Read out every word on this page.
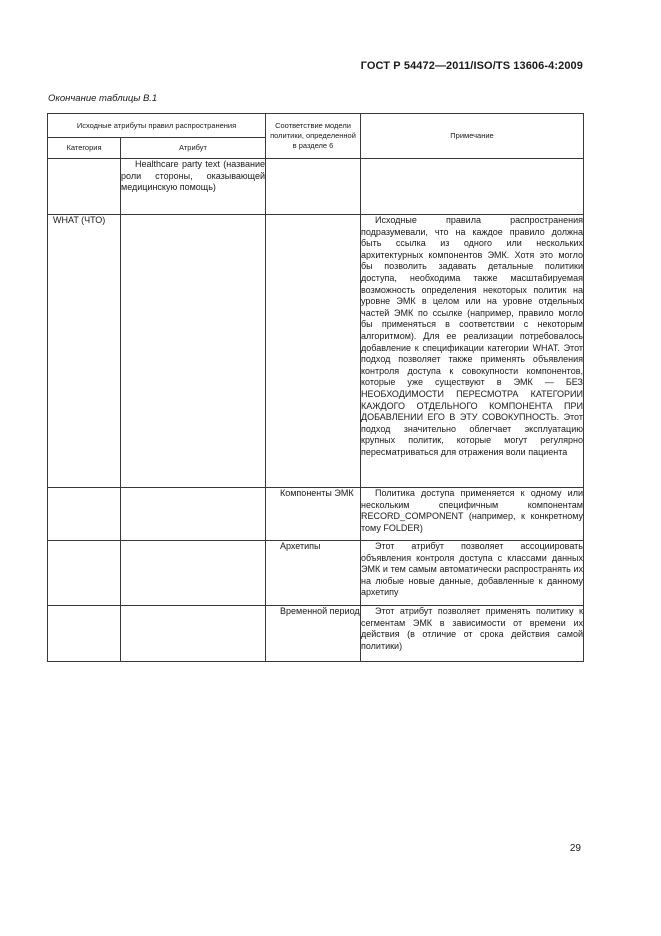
ГОСТ Р 54472—2011/ISO/TS 13606-4:2009
Окончание таблицы В.1
Исходные атрибуты правил распространения		Соответствие модели политики, определенной в разделе 6	Примечание
Категория	Атрибут		
	Healthcare party text (название роли стороны, оказывающей медицинскую помощь)		
WHAT (ЧТО)			Исходные правила распространения подразумевали, что на каждое правило должна быть ссылка из одного или нескольких архитектурных компонентов ЭМК. Хотя это могло бы позволить задавать детальные политики доступа, необходима также масштабируемая возможность определения некоторых политик на уровне ЭМК в целом или на уровне отдельных частей ЭМК по ссылке (например, правило могло бы применяться в соответствии с некоторым алгоритмом). Для ее реализации потребовалось добавление к спецификации категории WHAT. Этот подход позволяет также применять объявления контроля доступа к совокупности компонентов, которые уже существуют в ЭМК — БЕЗ НЕОБХОДИМОСТИ ПЕРЕСМОТРА КАТЕГОРИИ КАЖДОГО ОТДЕЛЬНОГО КОМПОНЕНТА ПРИ ДОБАВЛЕНИИ ЕГО В ЭТУ СОВОКУПНОСТЬ. Этот подход значительно облегчает эксплуатацию крупных политик, которые могут регулярно пересматриваться для отражения воли пациента
		Компоненты ЭМК	Политика доступа применяется к одному или нескольким специфичным компонентам RECORD_COMPONENT (например, к конкретному тому FOLDER)
		Архетипы	Этот атрибут позволяет ассоциировать объявления контроля доступа с классами данных ЭМК и тем самым автоматически распространять их на любые новые данные, добавленные к данному архетипу
		Временной период	Этот атрибут позволяет применять политику к сегментам ЭМК в зависимости от времени их действия (в отличие от срока действия самой политики)
29
